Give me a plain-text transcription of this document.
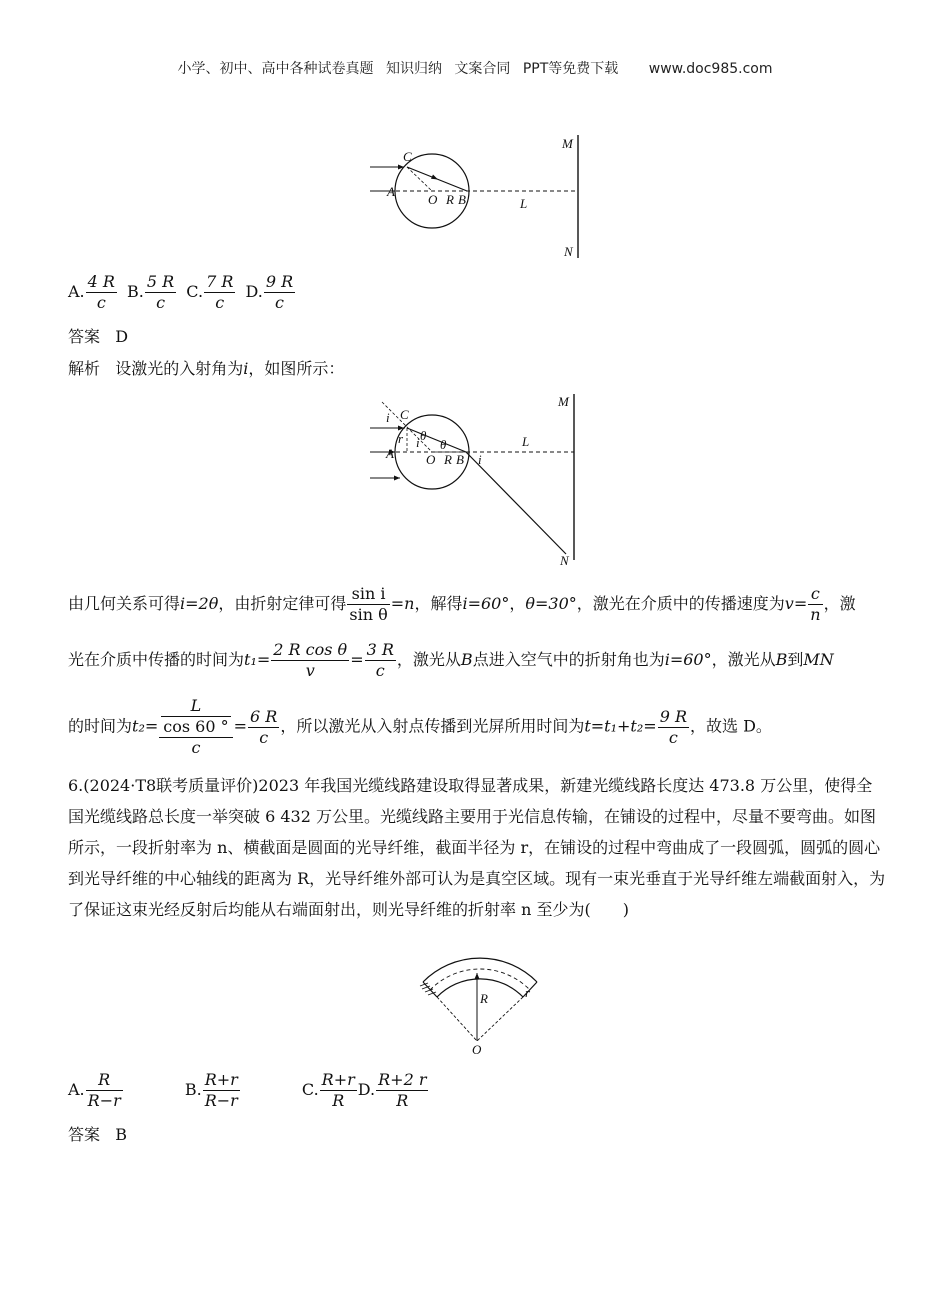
小学、初中、高中各种试卷真题 知识归纳 文案合同 PPT等免费下载 www.doc985.com
C
A
O R B	L
M
N
A. $\frac{4 R}{c} B$. $\frac{5 R}{c} C$. $\frac{7 R}{c} D$. $\frac{9 R}{c}$
答案 D
解析 设激光的入射角为i，如图所示：
i C
r θ
i
A O
θ
R B i
L
M
N
由几何关系可得i=2θ，由折射定律可得 $\frac{\text{sin i}}{\text{sin θ}} =n$，解得i=60°，θ=30°，激光在介质中的传播速度为$v= \frac{c}{n}$ ，激
光在介质中传播的时间为$t_1= \frac{\text{2 R cos θ}}{v} = \frac{3 R}{c}$ ，激光从B点进入空气中的折射角也为i=60°，激光从B到MN
的时间为$t_2= \frac{\frac{L}{\cos 60 ^\circ}}{c} = \frac{6 R}{c}$ ，所以激光从入射点传播到光屏所用时间为$t=t_1+t_2= \frac{9 R}{c}$ ，故选 D。

6.(2024·T8联考质量评价)2023 年我国光缆线路建设取得显著成果，新建光缆线路长度达 473.8 万公里，使得全国光缆线路总长度一举突破 6 432 万公里。光缆线路主要用于光信息传输，在铺设的过程中，尽量不要弯曲。如图所示，一段折射率为 n、横截面是圆面的光导纤维，截面半径为 r，在铺设的过程中弯曲成了一段圆弧，圆弧的圆心到光导纤维的中心轴线的距离为 R，光导纤维外部可认为是真空区域。现有一束光垂直于光导纤维左端截面射入，为了保证这束光经反射后均能从右端面射出，则光导纤维的折射率 n 至少为(　　)

R	r
O
A. $\frac{R}{R-r}$	B. $\frac{R+r}{R-r}$	C. $\frac{R+r}{R} D$. $\frac{R+2 r}{R}$
答案 B
